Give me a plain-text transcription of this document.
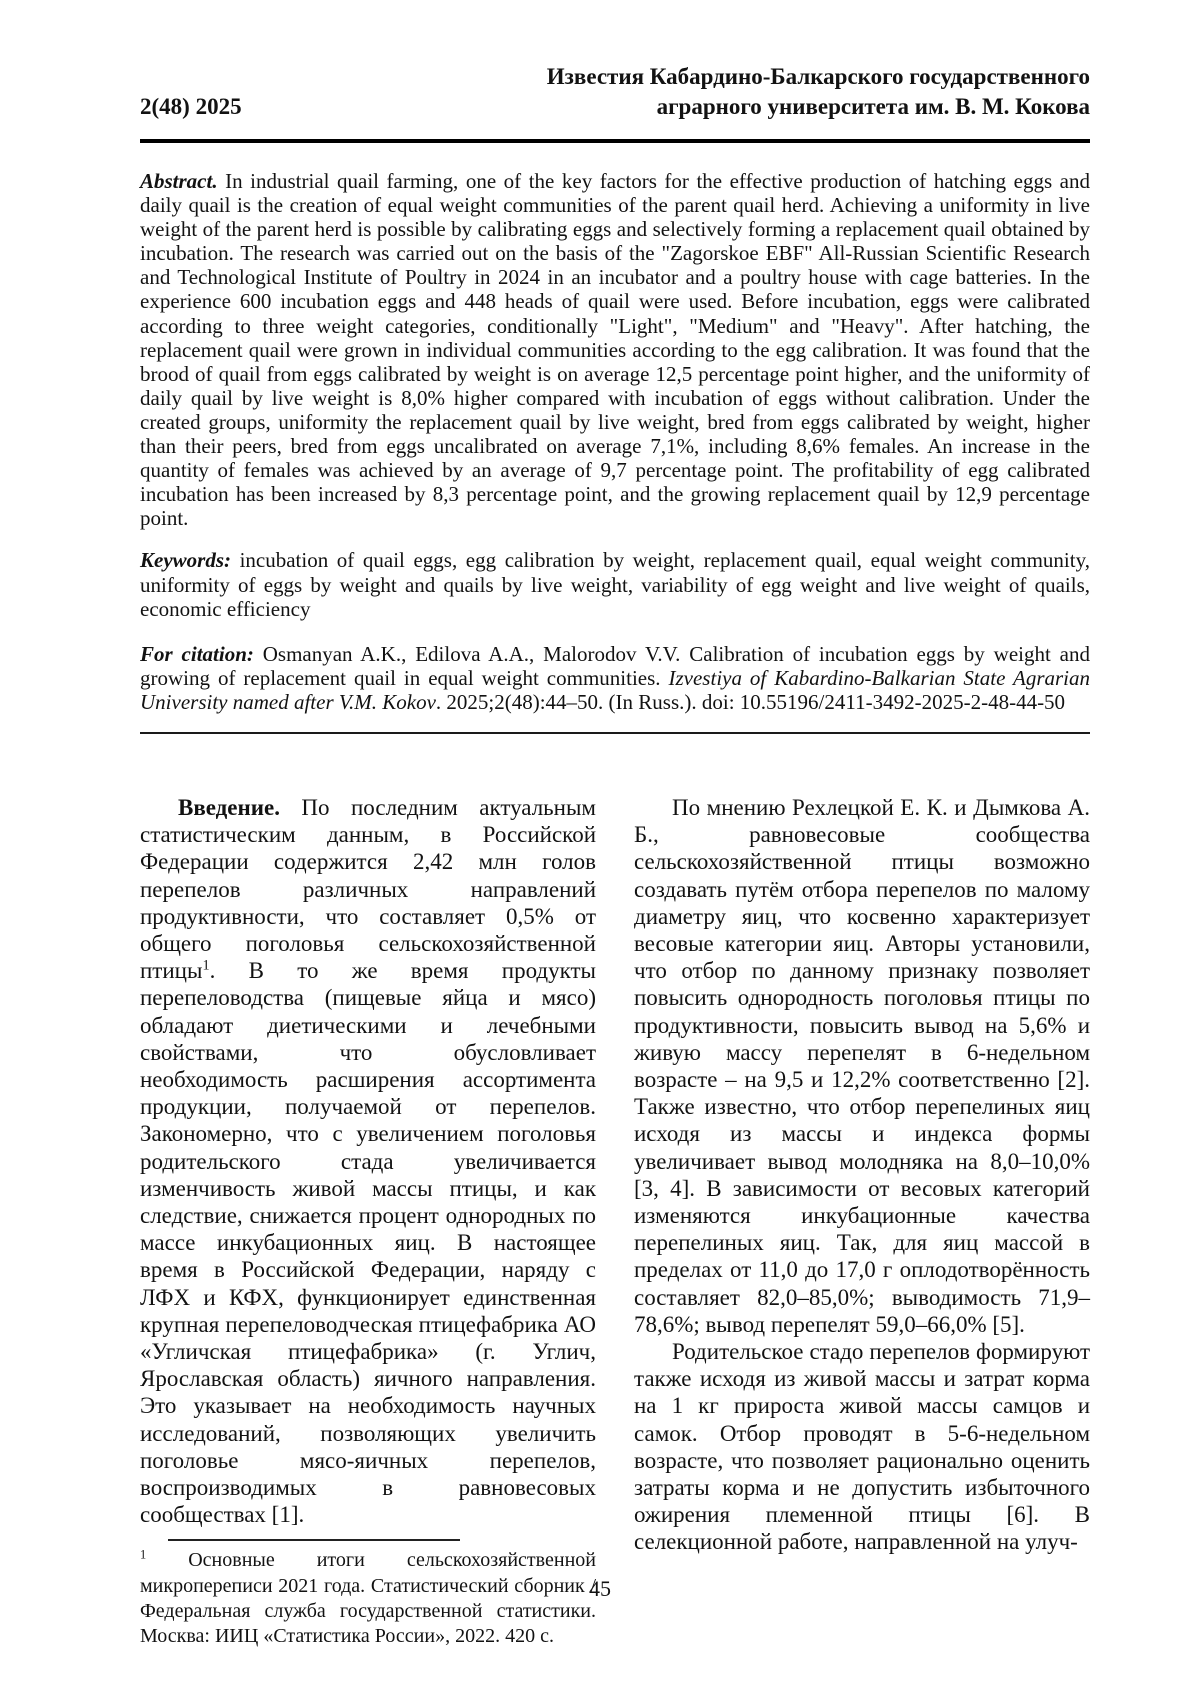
2(48) 2025
Известия Кабардино-Балкарского государственного
аграрного университета им. В. М. Кокова

Abstract. In industrial quail farming, one of the key factors for the effective production of hatching eggs and daily quail is the creation of equal weight communities of the parent quail herd. Achieving a uniformity in live weight of the parent herd is possible by calibrating eggs and selectively forming a replacement quail obtained by incubation. The research was carried out on the basis of the "Zagorskoe EBF" All-Russian Scientific Research and Technological Institute of Poultry in 2024 in an incubator and a poultry house with cage batteries. In the experience 600 incubation eggs and 448 heads of quail were used. Before incubation, eggs were calibrated according to three weight categories, conditionally "Light", "Medium" and "Heavy". After hatching, the replacement quail were grown in individual communities according to the egg calibration. It was found that the brood of quail from eggs calibrated by weight is on average 12,5 percentage point higher, and the uniformity of daily quail by live weight is 8,0% higher compared with incubation of eggs without calibration. Under the created groups, uniformity the replacement quail by live weight, bred from eggs calibrated by weight, higher than their peers, bred from eggs uncalibrated on average 7,1%, including 8,6% females. An increase in the quantity of females was achieved by an average of 9,7 percentage point. The profitability of egg calibrated incubation has been increased by 8,3 percentage point, and the growing replacement quail by 12,9 percentage point.

Keywords: incubation of quail eggs, egg calibration by weight, replacement quail, equal weight community, uniformity of eggs by weight and quails by live weight, variability of egg weight and live weight of quails, economic efficiency

For citation: Osmanyan A.K., Edilova A.A., Malorodov V.V. Calibration of incubation eggs by weight and growing of replacement quail in equal weight communities. Izvestiya of Kabardino-Balkarian State Agrarian University named after V.M. Kokov. 2025;2(48):44–50. (In Russ.). doi: 10.55196/2411-3492-2025-2-48-44-50

Введение. По последним актуальным статистическим данным, в Российской Федерации содержится 2,42 млн голов перепелов различных направлений продуктивности, что составляет 0,5% от общего поголовья сельскохозяйственной птицы$^1$. В то же время продукты перепеловодства (пищевые яйца и мясо) обладают диетическими и лечебными свойствами, что обусловливает необходимость расширения ассортимента продукции, получаемой от перепелов. Закономерно, что с увеличением поголовья родительского стада увеличивается изменчивость живой массы птицы, и как следствие, снижается процент однородных по массе инкубационных яиц. В настоящее время в Российской Федерации, наряду с ЛФХ и КФХ, функционирует единственная крупная перепеловодческая птицефабрика АО «Угличская птицефабрика» (г. Углич, Ярославская область) яичного направления. Это указывает на необходимость научных исследований, позволяющих увеличить поголовье мясо-яичных перепелов, воспроизводимых в равновесовых сообществах [1].

$^1$ Основные итоги сельскохозяйственной микропереписи 2021 года. Статистический сборник / Федеральная служба государственной статистики. Москва: ИИЦ «Статистика России», 2022. 420 с.

По мнению Рехлецкой Е. К. и Дымкова А. Б., равновесовые сообщества сельскохозяйственной птицы возможно создавать путём отбора перепелов по малому диаметру яиц, что косвенно характеризует весовые категории яиц. Авторы установили, что отбор по данному признаку позволяет повысить однородность поголовья птицы по продуктивности, повысить вывод на 5,6% и живую массу перепелят в 6-недельном возрасте – на 9,5 и 12,2% соответственно [2]. Также известно, что отбор перепелиных яиц исходя из массы и индекса формы увеличивает вывод молодняка на 8,0–10,0% [3, 4]. В зависимости от весовых категорий изменяются инкубационные качества перепелиных яиц. Так, для яиц массой в пределах от 11,0 до 17,0 г оплодотворённость составляет 82,0–85,0%; выводимость 71,9–78,6%; вывод перепелят 59,0–66,0% [5].

Родительское стадо перепелов формируют также исходя из живой массы и затрат корма на 1 кг прироста живой массы самцов и самок. Отбор проводят в 5-6-недельном возрасте, что позволяет рационально оценить затраты корма и не допустить избыточного ожирения племенной птицы [6]. В селекционной работе, направленной на улуч-

45
